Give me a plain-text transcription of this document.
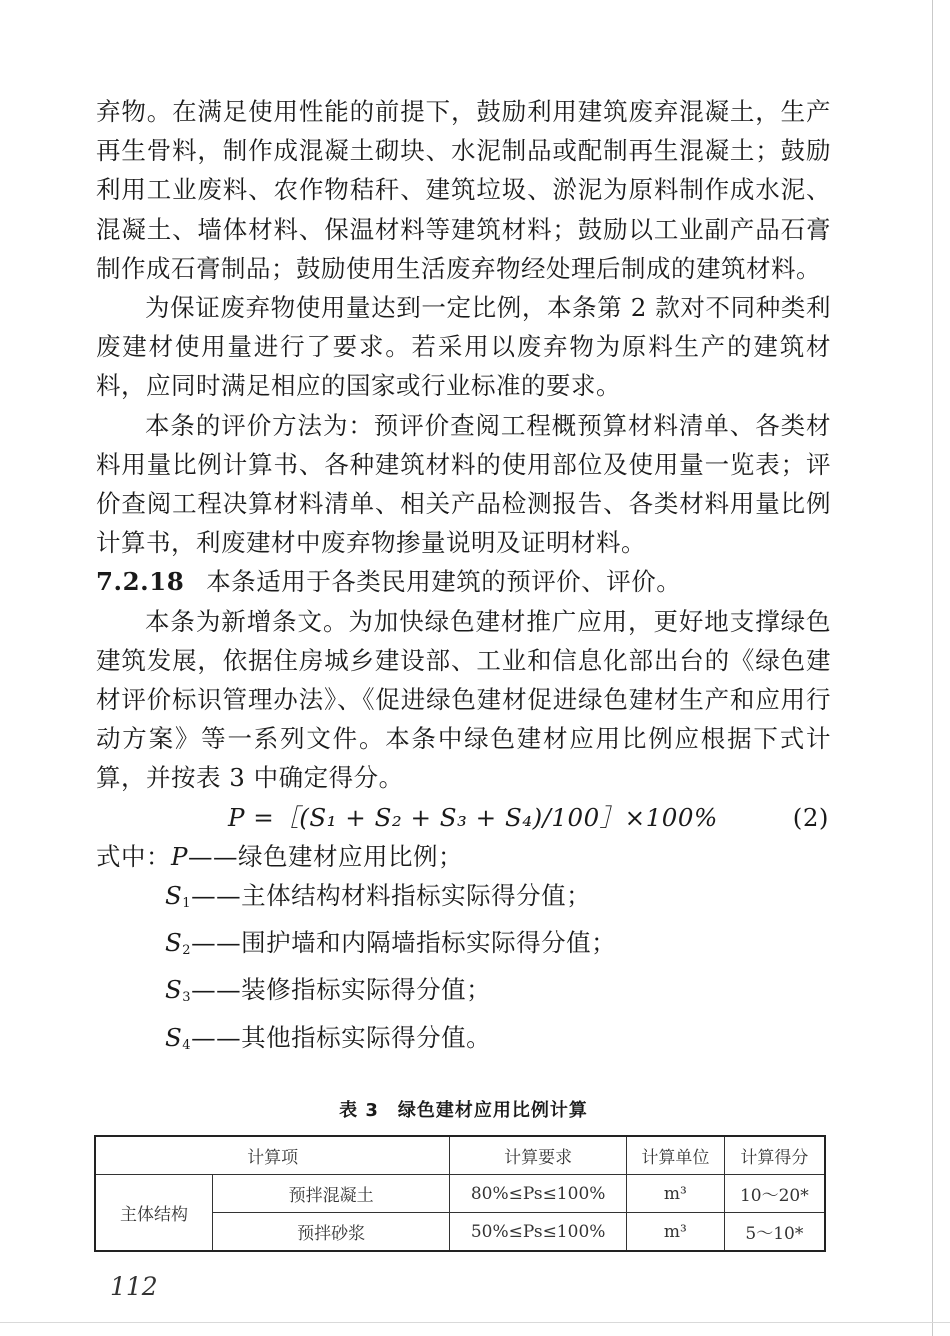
弃物。在满足使用性能的前提下，鼓励利用建筑废弃混凝土，生产再生骨料，制作成混凝土砌块、水泥制品或配制再生混凝土；鼓励利用工业废料、农作物秸秆、建筑垃圾、淤泥为原料制作成水泥、混凝土、墙体材料、保温材料等建筑材料；鼓励以工业副产品石膏制作成石膏制品；鼓励使用生活废弃物经处理后制成的建筑材料。

为保证废弃物使用量达到一定比例，本条第 2 款对不同种类利废建材使用量进行了要求。若采用以废弃物为原料生产的建筑材料，应同时满足相应的国家或行业标准的要求。

本条的评价方法为：预评价查阅工程概预算材料清单、各类材料用量比例计算书、各种建筑材料的使用部位及使用量一览表；评价查阅工程决算材料清单、相关产品检测报告、各类材料用量比例计算书，利废建材中废弃物掺量说明及证明材料。

7.2.18 本条适用于各类民用建筑的预评价、评价。

本条为新增条文。为加快绿色建材推广应用，更好地支撑绿色建筑发展，依据住房城乡建设部、工业和信息化部出台的《绿色建材评价标识管理办法》、《促进绿色建材促进绿色建材生产和应用行动方案》等一系列文件。本条中绿色建材应用比例应根据下式计算，并按表 3 中确定得分。

P =［(S₁ + S₂ + S₃ + S₄)/100］×100%	(2)

式中：P——绿色建材应用比例；

S1——主体结构材料指标实际得分值；

S2——围护墙和内隔墙指标实际得分值；

S3——装修指标实际得分值；

S4——其他指标实际得分值。

表 3　绿色建材应用比例计算
计算项		计算要求	计算单位	计算得分
主体结构	预拌混凝土	80%≤Ps≤100%	m³	10～20*
	预拌砂浆	50%≤Ps≤100%	m³	5～10*
112
